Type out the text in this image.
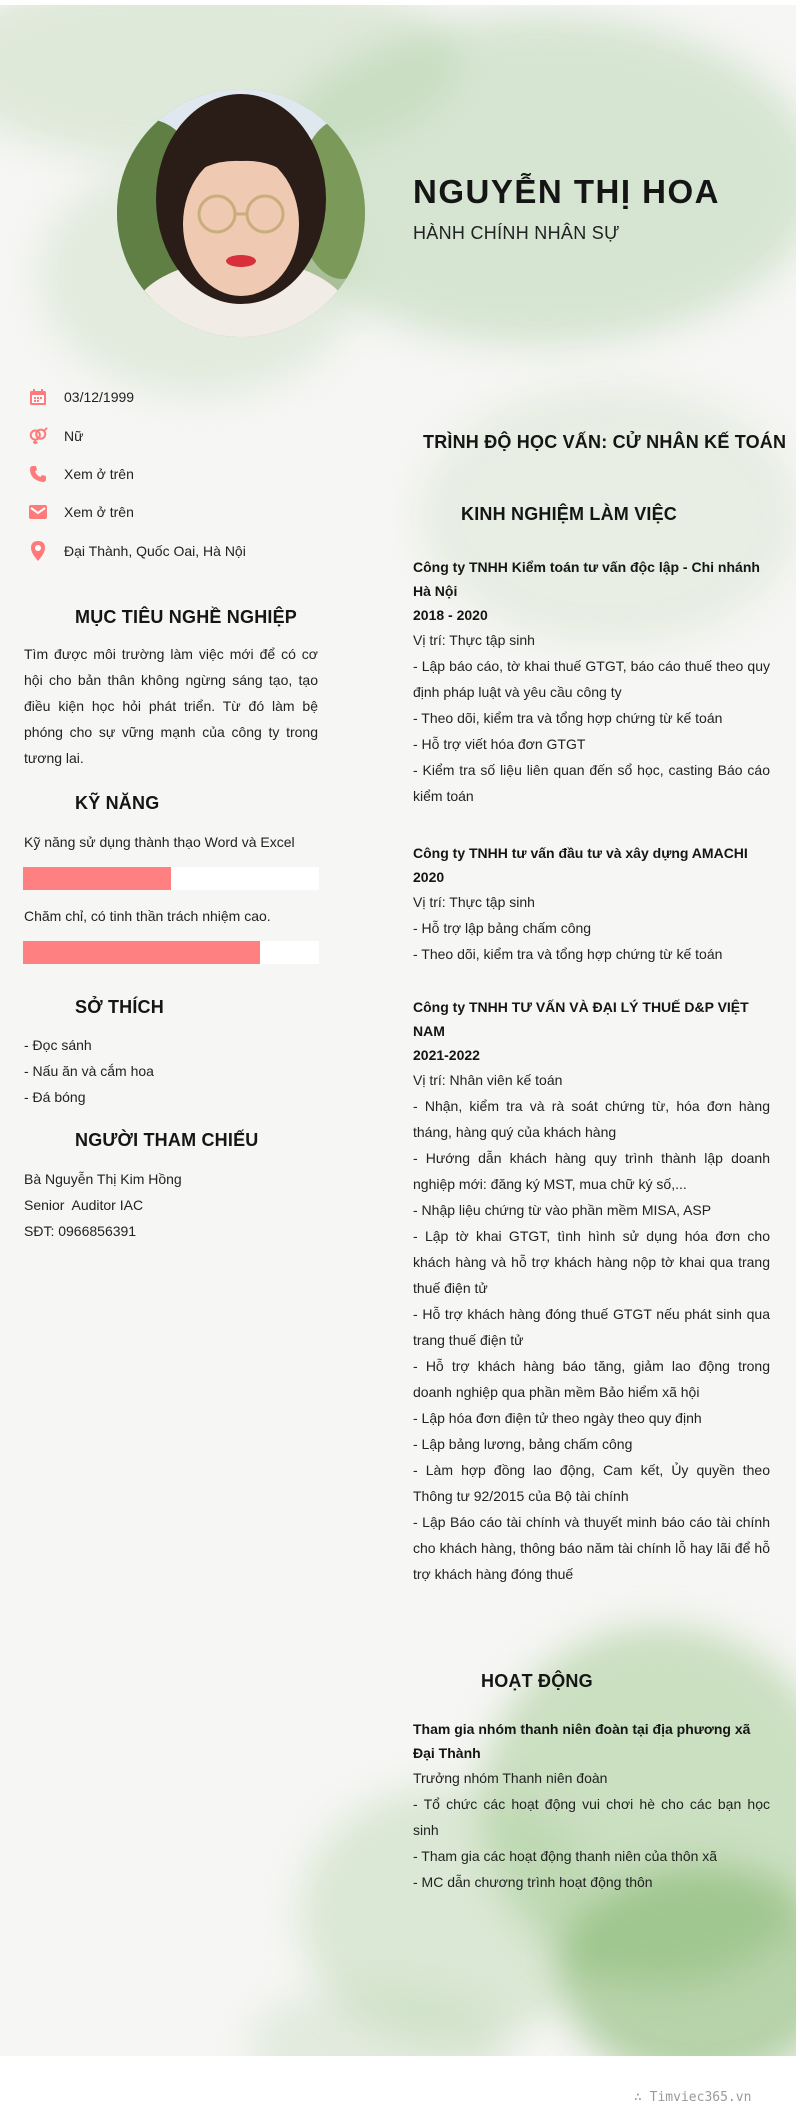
NGUYỄN THỊ HOA
HÀNH CHÍNH NHÂN SỰ
03/12/1999
Nữ
Xem ở trên
Xem ở trên
Đại Thành, Quốc Oai, Hà Nội
MỤC TIÊU NGHỀ NGHIỆP
Tìm được môi trường làm việc mới để có cơ hội cho bản thân không ngừng sáng tạo, tạo điều kiện học hỏi phát triển. Từ đó làm bệ phóng cho sự vững mạnh của công ty trong tương lai.
KỸ NĂNG
Kỹ năng sử dụng thành thạo Word và Excel
Chăm chỉ, có tinh thần trách nhiệm cao.
SỞ THÍCH
- Đọc sánh
- Nấu ăn và cắm hoa
- Đá bóng
NGƯỜI THAM CHIẾU
Bà Nguyễn Thị Kim Hồng
Senior  Auditor IAC
SĐT: 0966856391
TRÌNH ĐỘ HỌC VẤN: CỬ NHÂN KẾ TOÁN
KINH NGHIỆM LÀM VIỆC
Công ty TNHH Kiểm toán tư vấn độc lập - Chi nhánh Hà Nội
2018 - 2020
Vị trí: Thực tập sinh
- Lập báo cáo, tờ khai thuế GTGT, báo cáo thuế theo quy định pháp luật và yêu cầu công ty
- Theo dõi, kiểm tra và tổng hợp chứng từ kế toán
- Hỗ trợ viết hóa đơn GTGT
- Kiểm tra số liệu liên quan đến sổ học, casting Báo cáo kiểm toán
Công ty TNHH tư vấn đầu tư và xây dựng AMACHI
2020
Vị trí: Thực tập sinh
- Hỗ trợ lập bảng chấm công
- Theo dõi, kiểm tra và tổng hợp chứng từ kế toán
Công ty TNHH TƯ VẤN VÀ ĐẠI LÝ THUẾ D&P VIỆT NAM
2021-2022
Vị trí: Nhân viên kế toán
- Nhận, kiểm tra và rà soát chứng từ, hóa đơn hàng tháng, hàng quý của khách hàng
- Hướng dẫn khách hàng quy trình thành lập doanh nghiệp mới: đăng ký MST, mua chữ ký số,...
- Nhập liệu chứng từ vào phần mềm MISA, ASP
- Lập tờ khai GTGT, tình hình sử dụng hóa đơn cho khách hàng và hỗ trợ khách hàng nộp tờ khai qua trang thuế điện tử
- Hỗ trợ khách hàng đóng thuế GTGT nếu phát sinh qua trang thuế điện tử
- Hỗ trợ khách hàng báo tăng, giảm lao động trong doanh nghiệp qua phần mềm Bảo hiểm xã hội
- Lập hóa đơn điện tử theo ngày theo quy định
- Lập bảng lương, bảng chấm công
- Làm hợp đồng lao động, Cam kết, Ủy quyền theo Thông tư 92/2015 của Bộ tài chính
- Lập Báo cáo tài chính và thuyết minh báo cáo tài chính cho khách hàng, thông báo năm tài chính lỗ hay lãi để hỗ trợ khách hàng đóng thuế
HOẠT ĐỘNG
Tham gia nhóm thanh niên đoàn tại địa phương xã Đại Thành
Trưởng nhóm Thanh niên đoàn
- Tổ chức các hoạt động vui chơi hè cho các bạn học sinh
- Tham gia các hoạt động thanh niên của thôn xã
- MC dẫn chương trình hoạt động thôn
∴ Timviec365.vn
